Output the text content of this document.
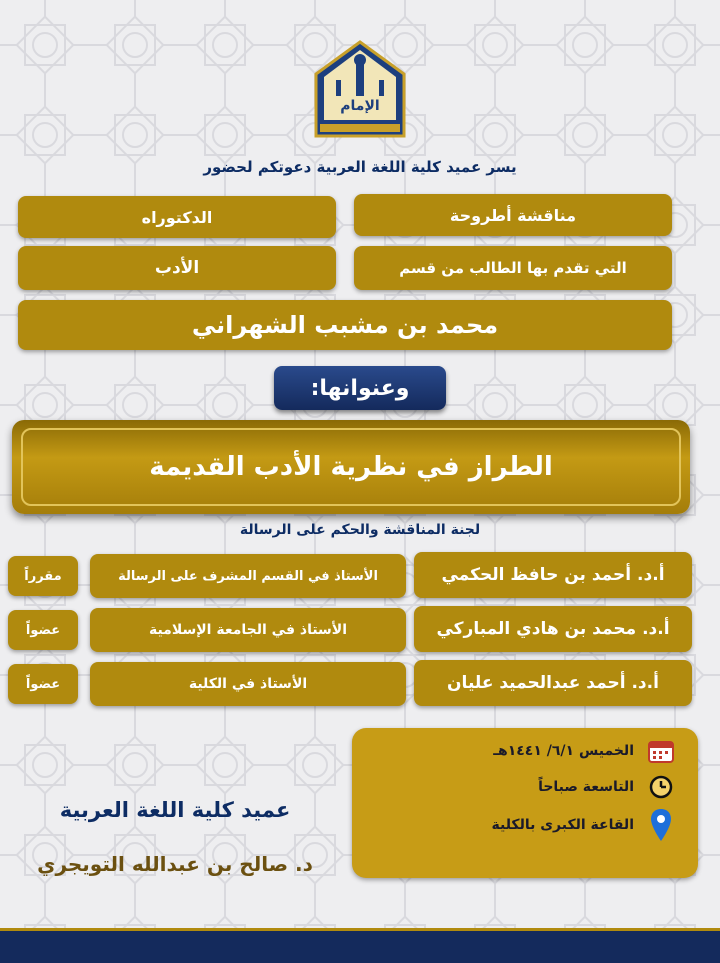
الإمام
يسر عميد كلية اللغة العربية دعوتكم لحضور
مناقشة أطروحة
الدكتوراه
التي تقدم بها الطالب من قسم
الأدب
محمد بن مشبب الشهراني
وعنوانها:
الطراز في نظرية الأدب القديمة
لجنة المناقشة والحكم على الرسالة
أ.د. أحمد بن حافظ الحكمي
الأستاذ في القسم المشرف على الرسالة
مقرراً
أ.د. محمد بن هادي المباركي
الأستاذ في الجامعة الإسلامية
عضواً
أ.د. أحمد عبدالحميد عليان
الأستاذ في الكلية
عضواً
الخميس ٦/١/ ١٤٤١هـ
التاسعة صباحاً
القاعة الكبرى بالكلية
عميد كلية اللغة العربية
د. صالح بن عبدالله التويجري
